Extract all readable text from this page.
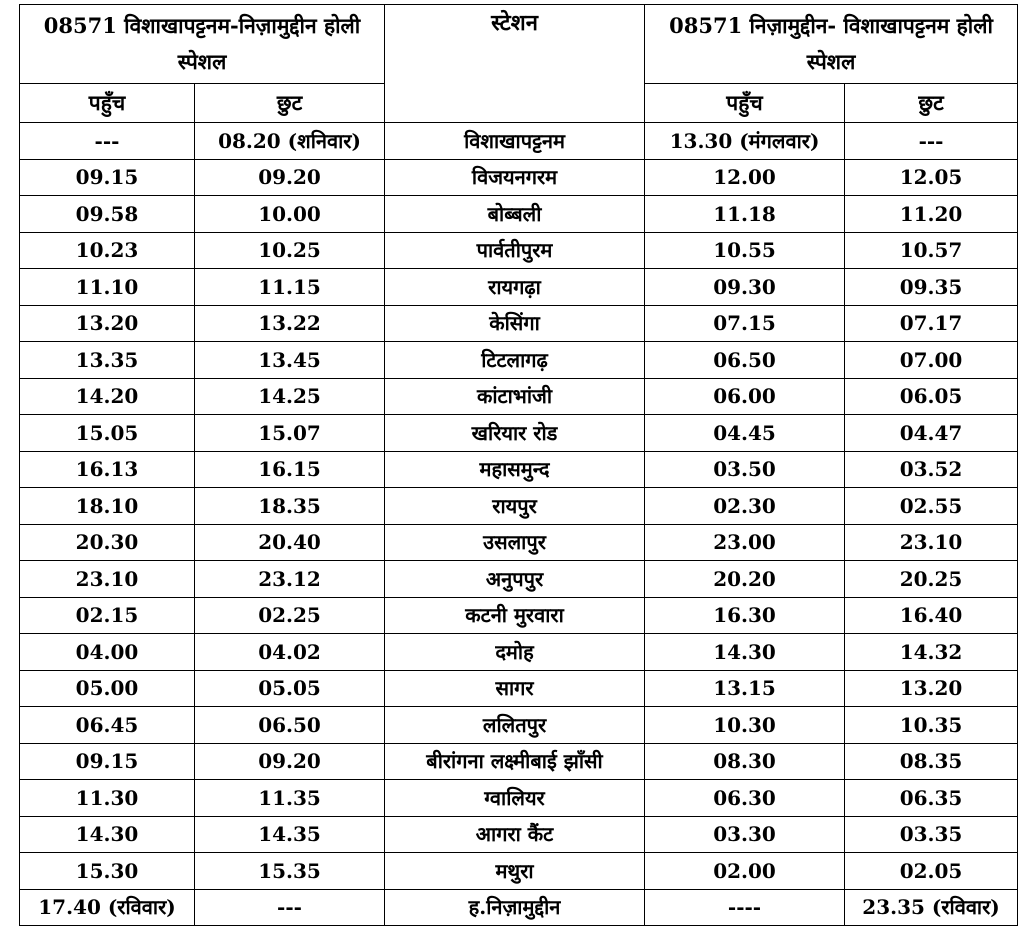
08571 विशाखापट्टनम-निज़ामुद्दीन होली स्पेशल		स्टेशन	08571 निज़ामुद्दीन- विशाखापट्टनम होली स्पेशल	
पहुँच	छुट		पहुँच	छुट
---	08.20 (शनिवार)	विशाखापट्टनम	13.30 (मंगलवार)	---
09.15	09.20	विजयनगरम	12.00	12.05
09.58	10.00	बोब्बली	11.18	11.20
10.23	10.25	पार्वतीपुरम	10.55	10.57
11.10	11.15	रायगढ़ा	09.30	09.35
13.20	13.22	केसिंगा	07.15	07.17
13.35	13.45	टिटलागढ़	06.50	07.00
14.20	14.25	कांटाभांजी	06.00	06.05
15.05	15.07	खरियार रोड	04.45	04.47
16.13	16.15	महासमुन्द	03.50	03.52
18.10	18.35	रायपुर	02.30	02.55
20.30	20.40	उसलापुर	23.00	23.10
23.10	23.12	अनुपपुर	20.20	20.25
02.15	02.25	कटनी मुरवारा	16.30	16.40
04.00	04.02	दमोह	14.30	14.32
05.00	05.05	सागर	13.15	13.20
06.45	06.50	ललितपुर	10.30	10.35
09.15	09.20	बीरांगना लक्ष्मीबाई झाँसी	08.30	08.35
11.30	11.35	ग्वालियर	06.30	06.35
14.30	14.35	आगरा कैंट	03.30	03.35
15.30	15.35	मथुरा	02.00	02.05
17.40 (रविवार)	---	ह.निज़ामुद्दीन	----	23.35 (रविवार)
